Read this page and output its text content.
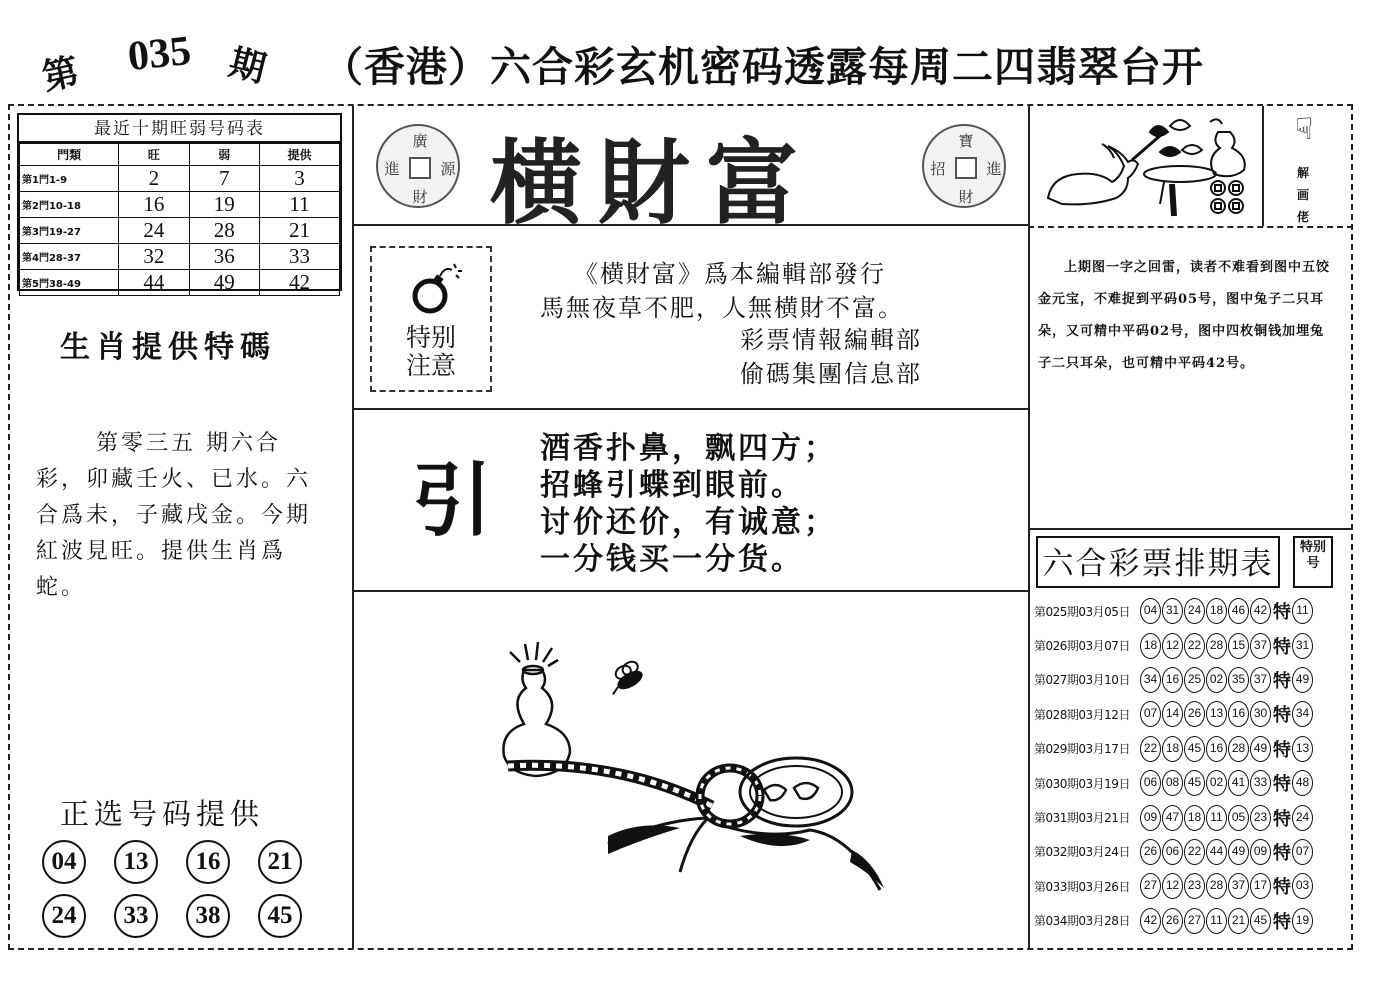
第 035 期 （香港）六合彩玄机密码透露每周二四翡翠台开
最近十期旺弱号码表
門類	旺	弱	提供
第1門1-9	2	7	3
第2門10-18	16	19	11
第3門19-27	24	28	21
第4門28-37	32	36	33
第5門38-49	44	49	42
生肖提供特碼
第零三五 期六合彩，卯藏壬火、已水。六合爲未，子藏戌金。今期紅波見旺。提供生肖爲蛇。
正选号码提供
04	13	16	21
24	33	38	45
廣
財
進	源 横財富	寶
財
招	進
特别
注意
《横財富》爲本編輯部發行
馬無夜草不肥，人無横財不富。
彩票情報編輯部
偷碼集團信息部
引
酒香扑鼻，飘四方；
招蜂引蝶到眼前。
讨价还价，有诚意；
一分钱买一分货。
☟
解画佬
上期图一字之回雷，读者不难看到图中五饺金元宝，不难捉到平码05号，图中兔子二只耳朵，又可精中平码02号，图中四枚铜钱加埋兔子二只耳朵，也可精中平码42号。
六合彩票排期表	特别号
第025期03月05日	04 31 24 18 46 42 特 11
第026期03月07日	18 12 22 28 15 37 特 31
第027期03月10日	34 16 25 02 35 37 特 49
第028期03月12日	07 14 26 13 16 30 特 34
第029期03月17日	22 18 45 16 28 49 特 13
第030期03月19日	06 08 45 02 41 33 特 48
第031期03月21日	09 47 18 11 05 23 特 24
第032期03月24日	26 06 22 44 49 09 特 07
第033期03月26日	27 12 23 28 37 17 特 03
第034期03月28日	42 26 27 11 21 45 特 19
